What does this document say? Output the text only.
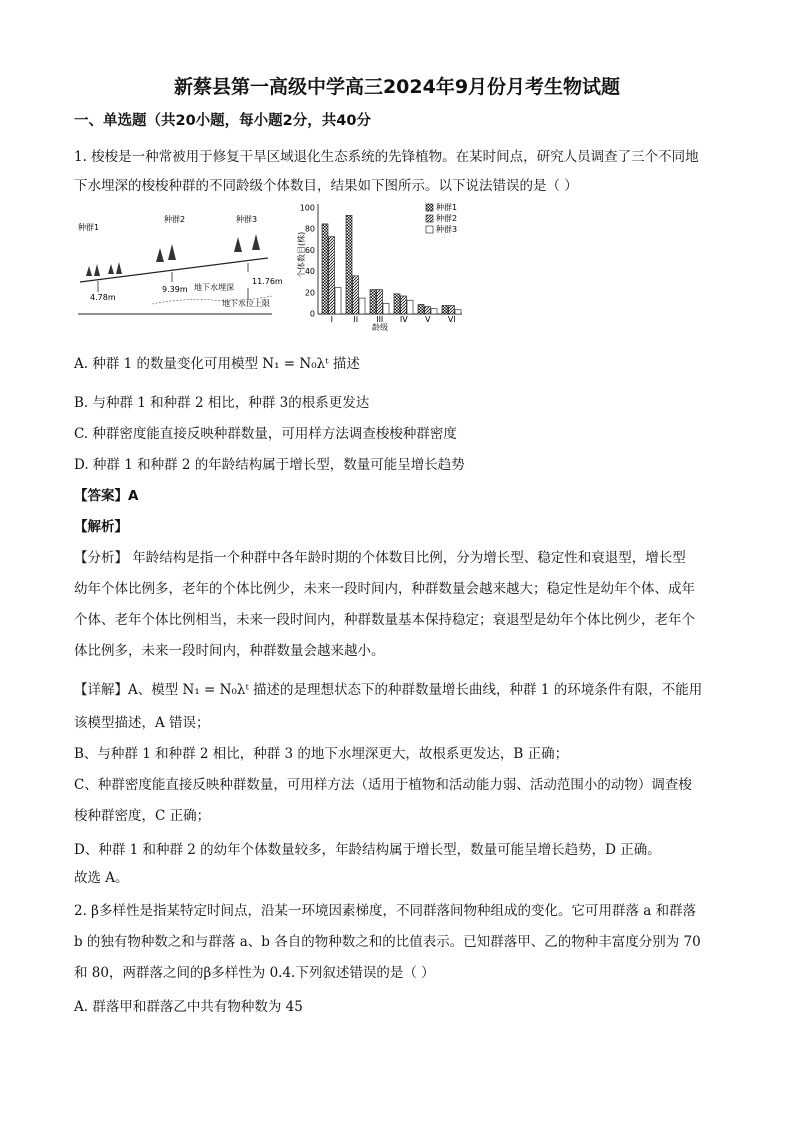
新蔡县第一高级中学高三2024年9月份月考生物试题
一、单选题（共20小题，每小题2分，共40分
1. 梭梭是一种常被用于修复干旱区域退化生态系统的先锋植物。在某时间点，研究人员调查了三个不同地
下水埋深的梭梭种群的不同龄级个体数目，结果如下图所示。以下说法错误的是（ ）
种群1
种群2	种群3
4.78m
9.39m
11.76m
地下水埋深
地下水位上限
个体数目(株)
龄级
0
20
40
60
80
100
I	II III IV V VI
种群1
种群2
种群3
A. 种群 1 的数量变化可用模型 N₁ = N₀λᵗ 描述
B. 与种群 1 和种群 2 相比，种群 3的根系更发达
C. 种群密度能直接反映种群数量，可用样方法调查梭梭种群密度
D. 种群 1 和种群 2 的年龄结构属于增长型，数量可能呈增长趋势
【答案】A
【解析】
【分析】 年龄结构是指一个种群中各年龄时期的个体数目比例，分为增长型、稳定性和衰退型，增长型
幼年个体比例多，老年的个体比例少，未来一段时间内，种群数量会越来越大；稳定性是幼年个体、成年
个体、老年个体比例相当，未来一段时间内，种群数量基本保持稳定；衰退型是幼年个体比例少，老年个
体比例多，未来一段时间内，种群数量会越来越小。
【详解】A、模型 N₁ = N₀λᵗ 描述的是理想状态下的种群数量增长曲线，种群 1 的环境条件有限，不能用
该模型描述，A 错误；
B、与种群 1 和种群 2 相比，种群 3 的地下水埋深更大，故根系更发达，B 正确；
C、种群密度能直接反映种群数量，可用样方法（适用于植物和活动能力弱、活动范围小的动物）调查梭
梭种群密度，C 正确；
D、种群 1 和种群 2 的幼年个体数量较多，年龄结构属于增长型，数量可能呈增长趋势，D 正确。
故选 A。
2. β多样性是指某特定时间点，沿某一环境因素梯度，不同群落间物种组成的变化。它可用群落 a 和群落
b 的独有物种数之和与群落 a、b 各自的物种数之和的比值表示。已知群落甲、乙的物种丰富度分别为 70
和 80，两群落之间的β多样性为 0.4.下列叙述错误的是（ ）
A. 群落甲和群落乙中共有物种数为 45
